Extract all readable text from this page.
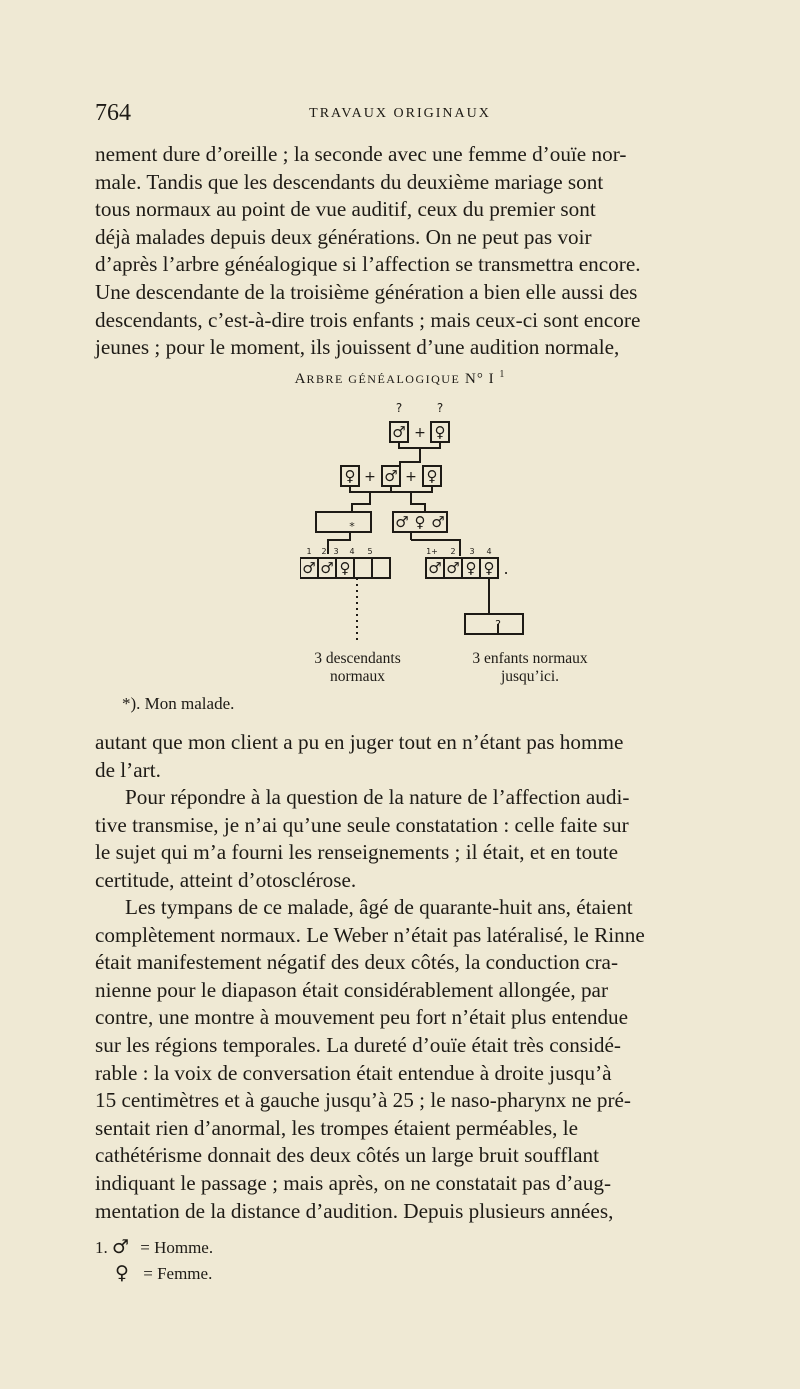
764	TRAVAUX ORIGINAUX
nement dure d’oreille ; la seconde avec une femme d’ouïe nor-
male. Tandis que les descendants du deuxième mariage sont
tous normaux au point de vue auditif, ceux du premier sont
déjà malades depuis deux générations. On ne peut pas voir
d’après l’arbre généalogique si l’affection se transmettra encore.
Une descendante de la troisième génération a bien elle aussi des
descendants, c’est-à-dire trois enfants ; mais ceux-ci sont encore
jeunes ; pour le moment, ils jouissent d’une audition normale,
ARBRE GÉNÉALOGIQUE N° I $^1$
?	?
♂ + ♀
♀ + ♂ + ♀
*	♂ ♀ ♂
♂ ♂ ♀	♂ ♂ ♀ ♀ .
?
1 2 3 4 5	1+ 2 3 4
3 descendants
normaux
3 enfants normaux
jusqu’ici.
*). Mon malade.
autant que mon client a pu en juger tout en n’étant pas homme
de l’art.
Pour répondre à la question de la nature de l’affection audi-
tive transmise, je n’ai qu’une seule constatation : celle faite sur
le sujet qui m’a fourni les renseignements ; il était, et en toute
certitude, atteint d’otosclérose.
Les tympans de ce malade, âgé de quarante-huit ans, étaient
complètement normaux. Le Weber n’était pas latéralisé, le Rinne
était manifestement négatif des deux côtés, la conduction cra-
nienne pour le diapason était considérablement allongée, par
contre, une montre à mouvement peu fort n’était plus entendue
sur les régions temporales. La dureté d’ouïe était très considé-
rable : la voix de conversation était entendue à droite jusqu’à
15 centimètres et à gauche jusqu’à 25 ; le naso-pharynx ne pré-
sentait rien d’anormal, les trompes étaient perméables, le
cathétérisme donnait des deux côtés un large bruit soufflant
indiquant le passage ; mais après, on ne constatait pas d’aug-
mentation de la distance d’audition. Depuis plusieurs années,
1. ♂ = Homme.
♀ = Femme.
